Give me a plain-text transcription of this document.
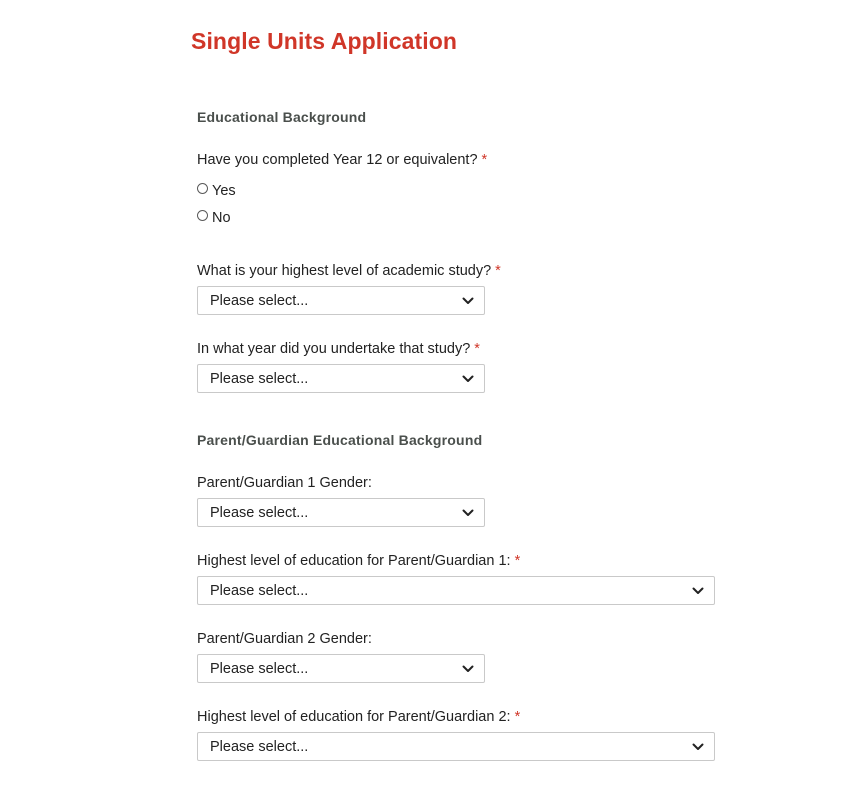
Single Units Application
Educational Background
Have you completed Year 12 or equivalent? *
Yes
No
What is your highest level of academic study? *
Please select...
In what year did you undertake that study? *
Please select...
Parent/Guardian Educational Background
Parent/Guardian 1 Gender:
Please select...
Highest level of education for Parent/Guardian 1: *
Please select...
Parent/Guardian 2 Gender:
Please select...
Highest level of education for Parent/Guardian 2: *
Please select...
